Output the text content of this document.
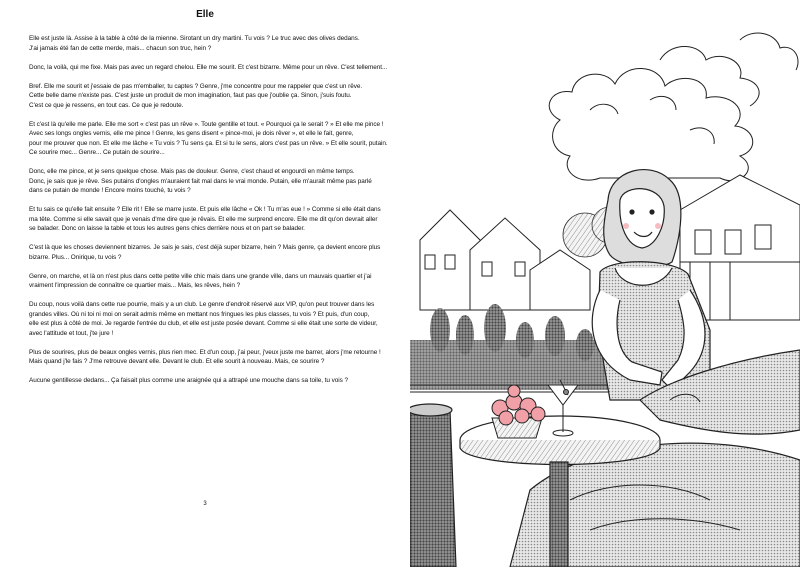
Elle

Elle est juste là. Assise à la table à côté de la mienne. Sirotant un dry martini. Tu vois ? Le truc avec des olives dedans.
J'ai jamais été fan de cette merde, mais... chacun son truc, hein ?

Donc, la voilà, qui me fixe. Mais pas avec un regard chelou. Elle me sourit. Et c'est bizarre. Même pour un rêve. C'est tellement...

Bref. Elle me sourit et j'essaie de pas m'emballer, tu captes ? Genre, j'me concentre pour me rappeler que c'est un rêve.
Cette belle dame n'existe pas. C'est juste un produit de mon imagination, faut pas que j'oublie ça. Sinon, j'suis foutu.
C'est ce que je ressens, en tout cas. Ce que je redoute.

Et c'est là qu'elle me parle. Elle me sort « c'est pas un rêve ». Toute gentille et tout. « Pourquoi ça le serait ? » Et elle me pince !
Avec ses longs ongles vernis, elle me pince ! Genre, les gens disent « pince-moi, je dois rêver », et elle le fait, genre,
pour me prouver que non. Et elle me lâche « Tu vois ? Tu sens ça. Et si tu le sens, alors c'est pas un rêve. » Et elle sourit, putain.
Ce sourire mec... Genre... Ce putain de sourire...

Donc, elle me pince, et je sens quelque chose. Mais pas de douleur. Genre, c'est chaud et engourdi en même temps.
Donc, je sais que je rêve. Ses putains d'ongles m'auraient fait mal dans le vrai monde. Putain, elle m'aurait même pas parlé
dans ce putain de monde ! Encore moins touché, tu vois ?

Et tu sais ce qu'elle fait ensuite ? Elle rit ! Elle se marre juste. Et puis elle lâche « Ok ! Tu m'as eue ! » Comme si elle était dans
ma tête. Comme si elle savait que je venais d'me dire que je rêvais. Et elle me surprend encore. Elle me dit qu'on devrait aller
se balader. Donc on laisse la table et tous les autres gens chics derrière nous et on part se balader.

C'est là que les choses deviennent bizarres. Je sais je sais, c'est déjà super bizarre, hein ? Mais genre, ça devient encore plus
bizarre. Plus... Onirique, tu vois ?

Genre, on marche, et là on n'est plus dans cette petite ville chic mais dans une grande ville, dans un mauvais quartier et j'ai
vraiment l'impression de connaître ce quartier mais... Mais, les rêves, hein ?

Du coup, nous voilà dans cette rue pourrie, mais y a un club. Le genre d'endroit réservé aux VIP, qu'on peut trouver dans les
grandes villes. Où ni toi ni moi on serait admis même en mettant nos fringues les plus classes, tu vois ? Et puis, d'un coup,
elle est plus à côté de moi. Je regarde l'entrée du club, et elle est juste posée devant. Comme si elle était une sorte de videur,
avec l'attitude et tout, j'te jure !

Plus de sourires, plus de beaux ongles vernis, plus rien mec. Et d'un coup, j'ai peur, j'veux juste me barrer, alors j'me retourne !
Mais quand j'le fais ? J'me retrouve devant elle. Devant le club. Et elle sourit à nouveau. Mais, ce sourire ?

Aucune gentillesse dedans... Ça faisait plus comme une araignée qui a attrapé une mouche dans sa toile, tu vois ?

3
